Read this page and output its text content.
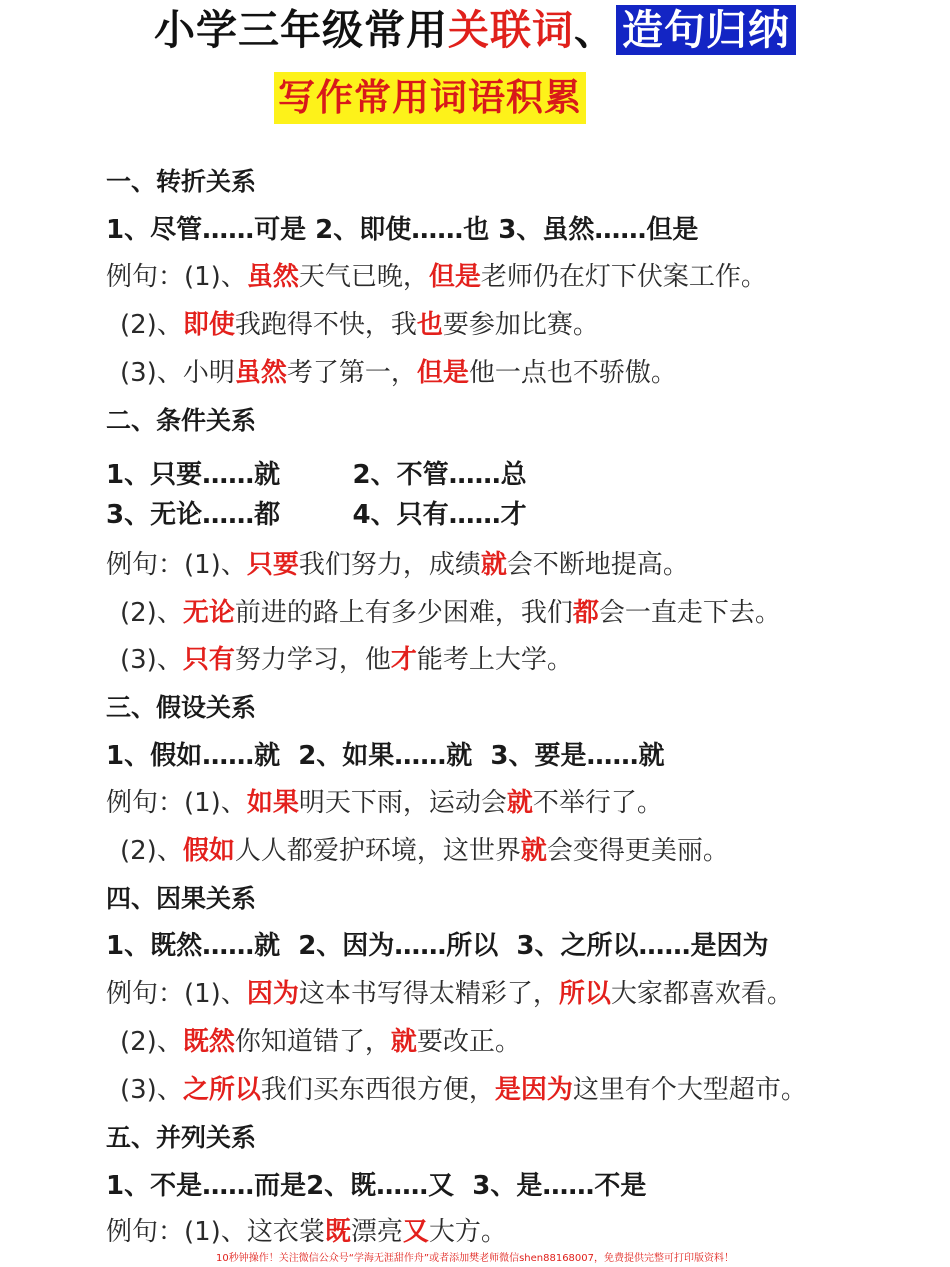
小学三年级常用关联词、 造句归纳
写作常用词语积累
一、转折关系
1、尽管……可是 2、即使……也 3、虽然……但是
例句：(1)、虽然天气已晚，但是老师仍在灯下伏案工作。
(2)、即使我跑得不快，我也要参加比赛。
(3)、小明虽然考了第一，但是他一点也不骄傲。
二、条件关系
1、只要……就        2、不管……总
3、无论……都        4、只有……才
例句：(1)、只要我们努力，成绩就会不断地提高。
(2)、无论前进的路上有多少困难，我们都会一直走下去。
(3)、只有努力学习，他才能考上大学。
三、假设关系
1、假如……就  2、如果……就  3、要是……就
例句：(1)、如果明天下雨，运动会就不举行了。
(2)、假如人人都爱护环境，这世界就会变得更美丽。
四、因果关系
1、既然……就  2、因为……所以  3、之所以……是因为
例句：(1)、因为这本书写得太精彩了，所以大家都喜欢看。
(2)、既然你知道错了，就要改正。
(3)、之所以我们买东西很方便，是因为这里有个大型超市。
五、并列关系
1、不是……而是2、既……又  3、是……不是
例句：(1)、这衣裳既漂亮又大方。
10秒钟操作！关注微信公众号“学海无涯甜作舟”或者添加樊老师微信shen88168007，免费提供完整可打印版资料！
